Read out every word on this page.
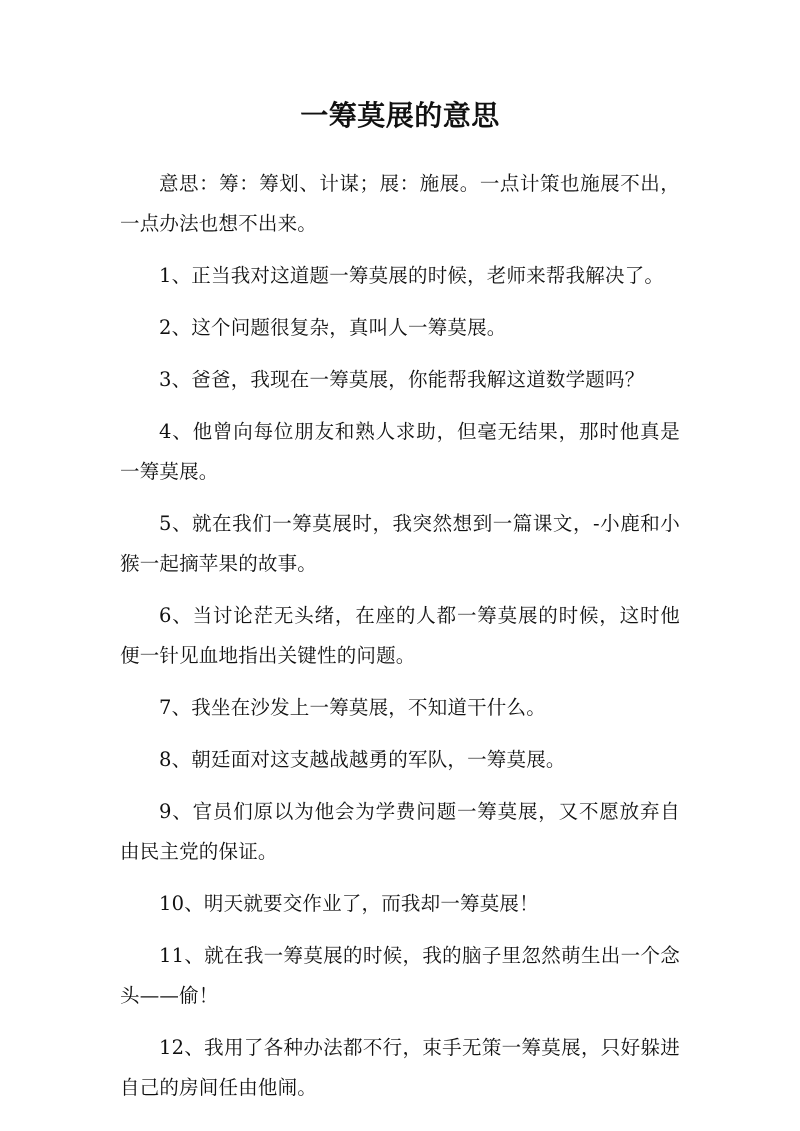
一筹莫展的意思

意思：筹：筹划、计谋；展：施展。一点计策也施展不出，一点办法也想不出来。

1、正当我对这道题一筹莫展的时候，老师来帮我解决了。

2、这个问题很复杂，真叫人一筹莫展。

3、爸爸，我现在一筹莫展，你能帮我解这道数学题吗？

4、他曾向每位朋友和熟人求助，但毫无结果，那时他真是一筹莫展。

5、就在我们一筹莫展时，我突然想到一篇课文，-小鹿和小猴一起摘苹果的故事。

6、当讨论茫无头绪，在座的人都一筹莫展的时候，这时他便一针见血地指出关键性的问题。

7、我坐在沙发上一筹莫展，不知道干什么。

8、朝廷面对这支越战越勇的军队，一筹莫展。

9、官员们原以为他会为学费问题一筹莫展，又不愿放弃自由民主党的保证。

10、明天就要交作业了，而我却一筹莫展！

11、就在我一筹莫展的时候，我的脑子里忽然萌生出一个念头——偷！

12、我用了各种办法都不行，束手无策一筹莫展，只好躲进自己的房间任由他闹。
